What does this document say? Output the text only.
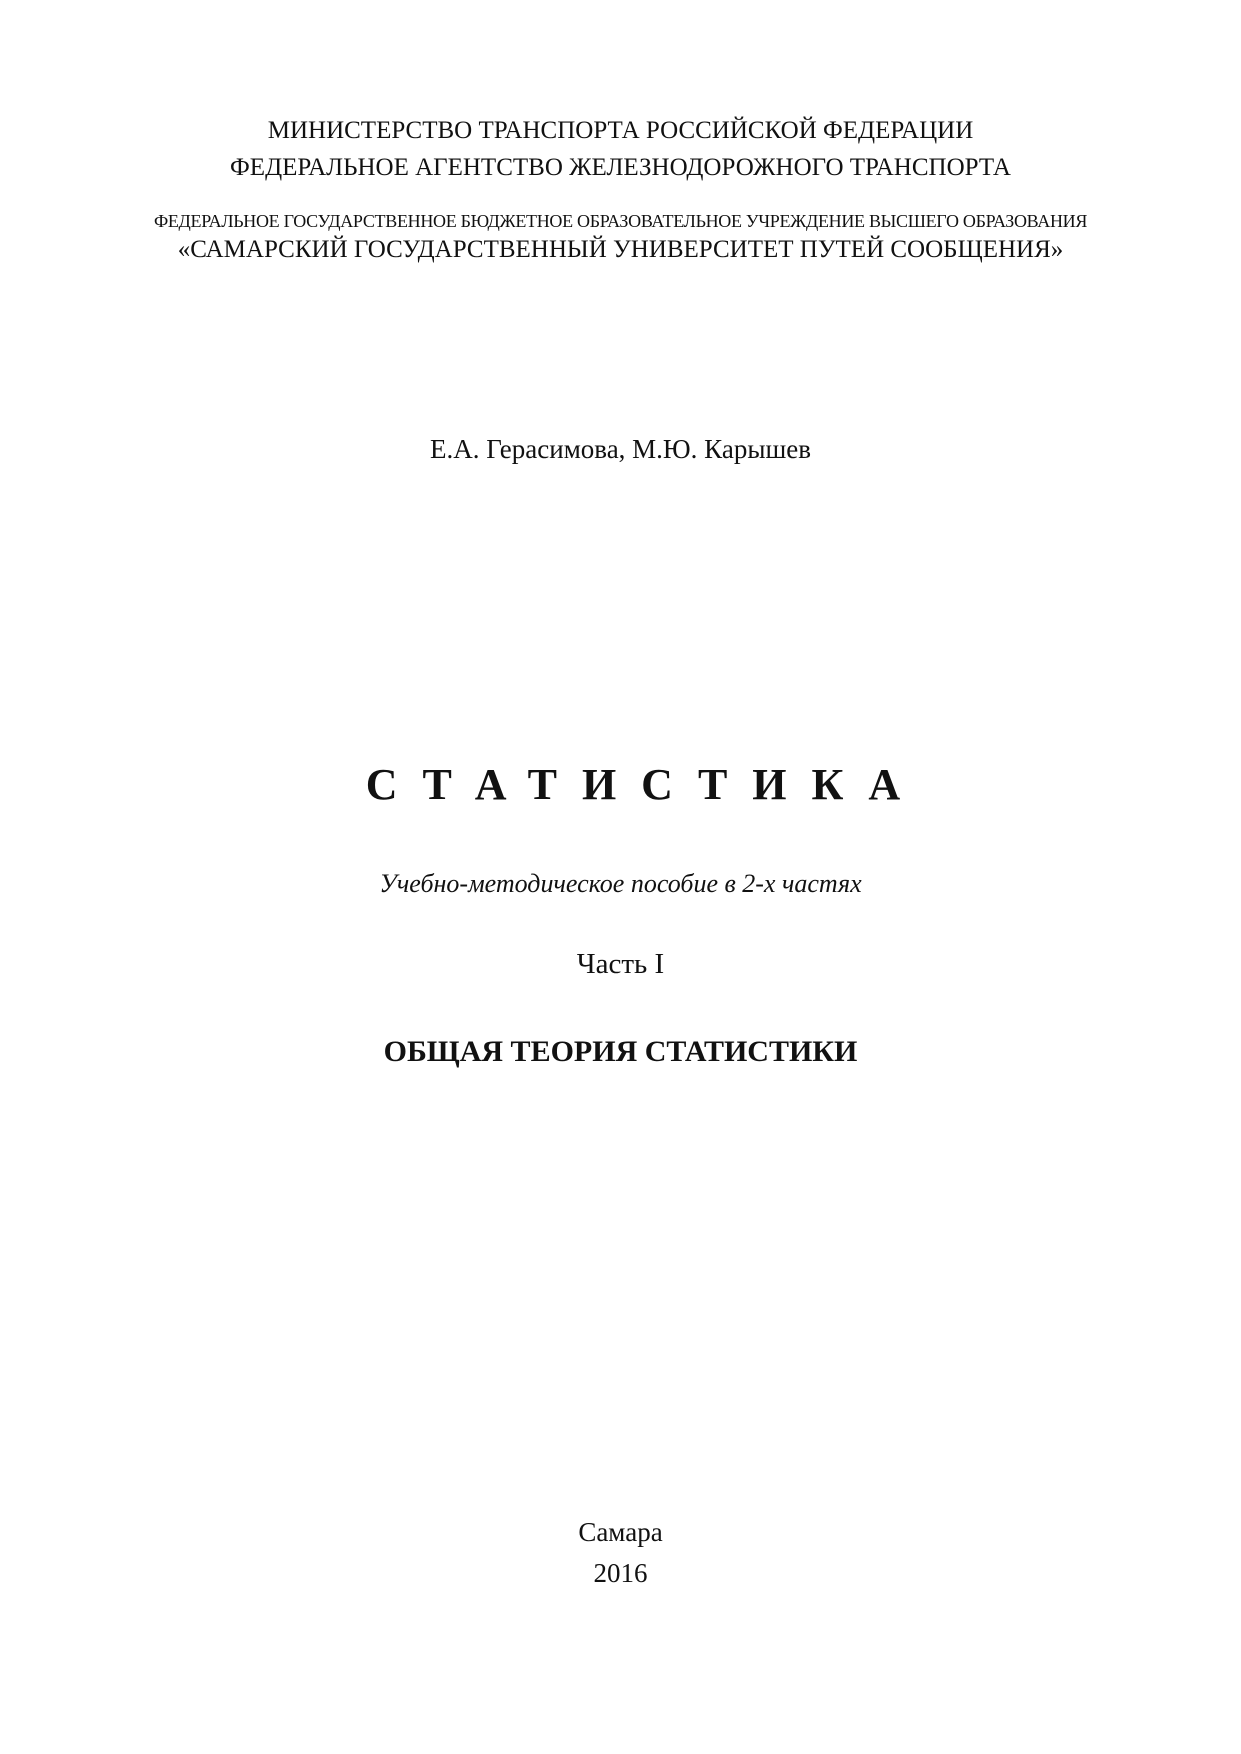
МИНИСТЕРСТВО ТРАНСПОРТА РОССИЙСКОЙ ФЕДЕРАЦИИ
ФЕДЕРАЛЬНОЕ АГЕНТСТВО ЖЕЛЕЗНОДОРОЖНОГО ТРАНСПОРТА
ФЕДЕРАЛЬНОЕ ГОСУДАРСТВЕННОЕ БЮДЖЕТНОЕ ОБРАЗОВАТЕЛЬНОЕ УЧРЕЖДЕНИЕ ВЫСШЕГО ОБРАЗОВАНИЯ
«САМАРСКИЙ ГОСУДАРСТВЕННЫЙ УНИВЕРСИТЕТ ПУТЕЙ СООБЩЕНИЯ»
Е.А. Герасимова, М.Ю. Карышев
СТАТИСТИКА
Учебно-методическое пособие в 2-х частях
Часть I
ОБЩАЯ ТЕОРИЯ СТАТИСТИКИ
Самара
2016
